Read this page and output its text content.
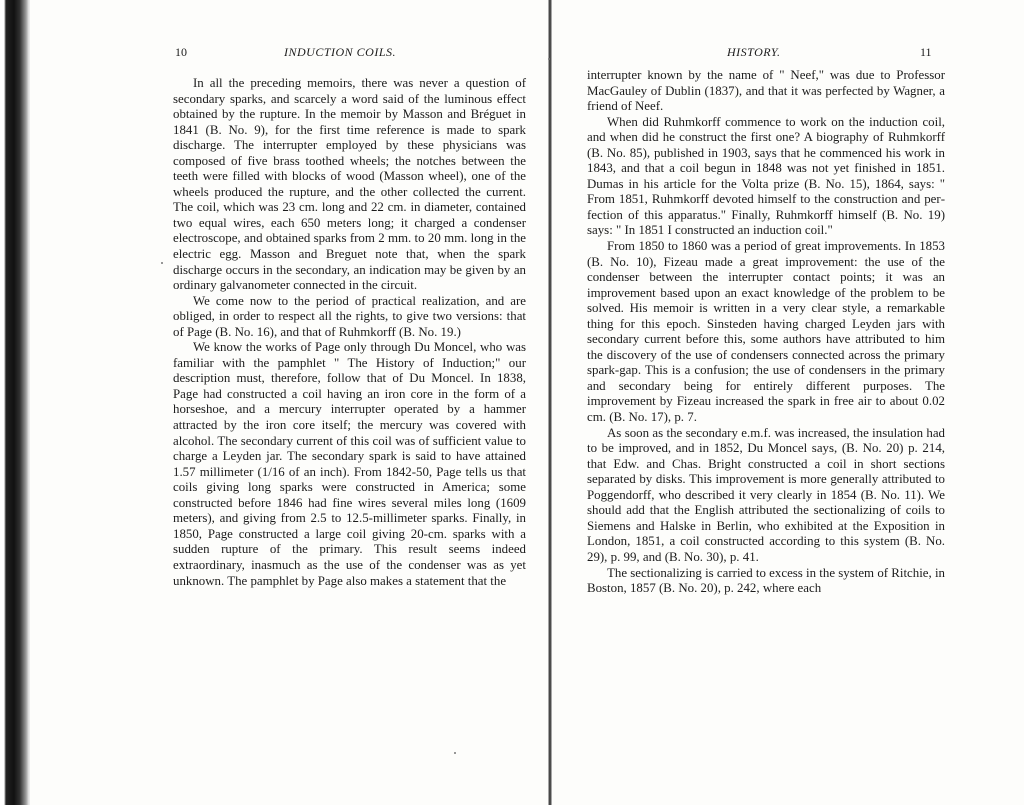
10	INDUCTION COILS.

In all the preceding memoirs, there was never a question of secondary sparks, and scarcely a word said of the luminous effect obtained by the rupture. In the memoir by Masson and Bréguet in 1841 (B. No. 9), for the first time reference is made to spark discharge. The interrupter employed by these physicians was composed of five brass toothed wheels; the notches between the teeth were filled with blocks of wood (Masson wheel), one of the wheels produced the rupture, and the other collected the current. The coil, which was 23 cm. long and 22 cm. in diameter, contained two equal wires, each 650 meters long; it charged a condenser electroscope, and obtained sparks from 2 mm. to 20 mm. long in the electric egg. Masson and Breguet note that, when the spark discharge occurs in the secondary, an indication may be given by an ordinary galvanometer connected in the circuit.

We come now to the period of practical realization, and are obliged, in order to respect all the rights, to give two versions: that of Page (B. No. 16), and that of Ruhmkorff (B. No. 19.)

We know the works of Page only through Du Moncel, who was familiar with the pamphlet " The History of Induction;" our description must, therefore, follow that of Du Moncel. In 1838, Page had constructed a coil having an iron core in the form of a horseshoe, and a mercury interrupter operated by a hammer attracted by the iron core itself; the mercury was covered with alcohol. The secondary current of this coil was of sufficient value to charge a Leyden jar. The secondary spark is said to have attained 1.57 millimeter (1/16 of an inch). From 1842-50, Page tells us that coils giving long sparks were constructed in America; some constructed before 1846 had fine wires several miles long (1609 meters), and giving from 2.5 to 12.5-millimeter sparks. Finally, in 1850, Page constructed a large coil giving 20-cm. sparks with a sudden rupture of the primary. This result seems indeed extraordinary, inasmuch as the use of the condenser was as yet unknown. The pamphlet by Page also makes a statement that the

HISTORY.	11

interrupter known by the name of " Neef," was due to Professor MacGauley of Dublin (1837), and that it was perfected by Wagner, a friend of Neef.

When did Ruhmkorff commence to work on the induction coil, and when did he construct the first one? A biography of Ruhmkorff (B. No. 85), published in 1903, says that he commenced his work in 1843, and that a coil begun in 1848 was not yet finished in 1851. Dumas in his article for the Volta prize (B. No. 15), 1864, says: " From 1851, Ruhmkorff devoted himself to the construction and perfection of this apparatus." Finally, Ruhmkorff himself (B. No. 19) says: " In 1851 I constructed an induction coil."

From 1850 to 1860 was a period of great improvements. In 1853 (B. No. 10), Fizeau made a great improvement: the use of the condenser between the interrupter contact points; it was an improvement based upon an exact knowledge of the problem to be solved. His memoir is written in a very clear style, a remarkable thing for this epoch. Sinsteden having charged Leyden jars with secondary current before this, some authors have attributed to him the discovery of the use of condensers connected across the primary spark-gap. This is a confusion; the use of condensers in the primary and secondary being for entirely different purposes. The improvement by Fizeau increased the spark in free air to about 0.02 cm. (B. No. 17), p. 7.

As soon as the secondary e.m.f. was increased, the insulation had to be improved, and in 1852, Du Moncel says, (B. No. 20) p. 214, that Edw. and Chas. Bright constructed a coil in short sections separated by disks. This improvement is more generally attributed to Poggendorff, who described it very clearly in 1854 (B. No. 11). We should add that the English attributed the sectionalizing of coils to Siemens and Halske in Berlin, who exhibited at the Exposition in London, 1851, a coil constructed according to this system (B. No. 29), p. 99, and (B. No. 30), p. 41.

The sectionalizing is carried to excess in the system of Ritchie, in Boston, 1857 (B. No. 20), p. 242, where each
